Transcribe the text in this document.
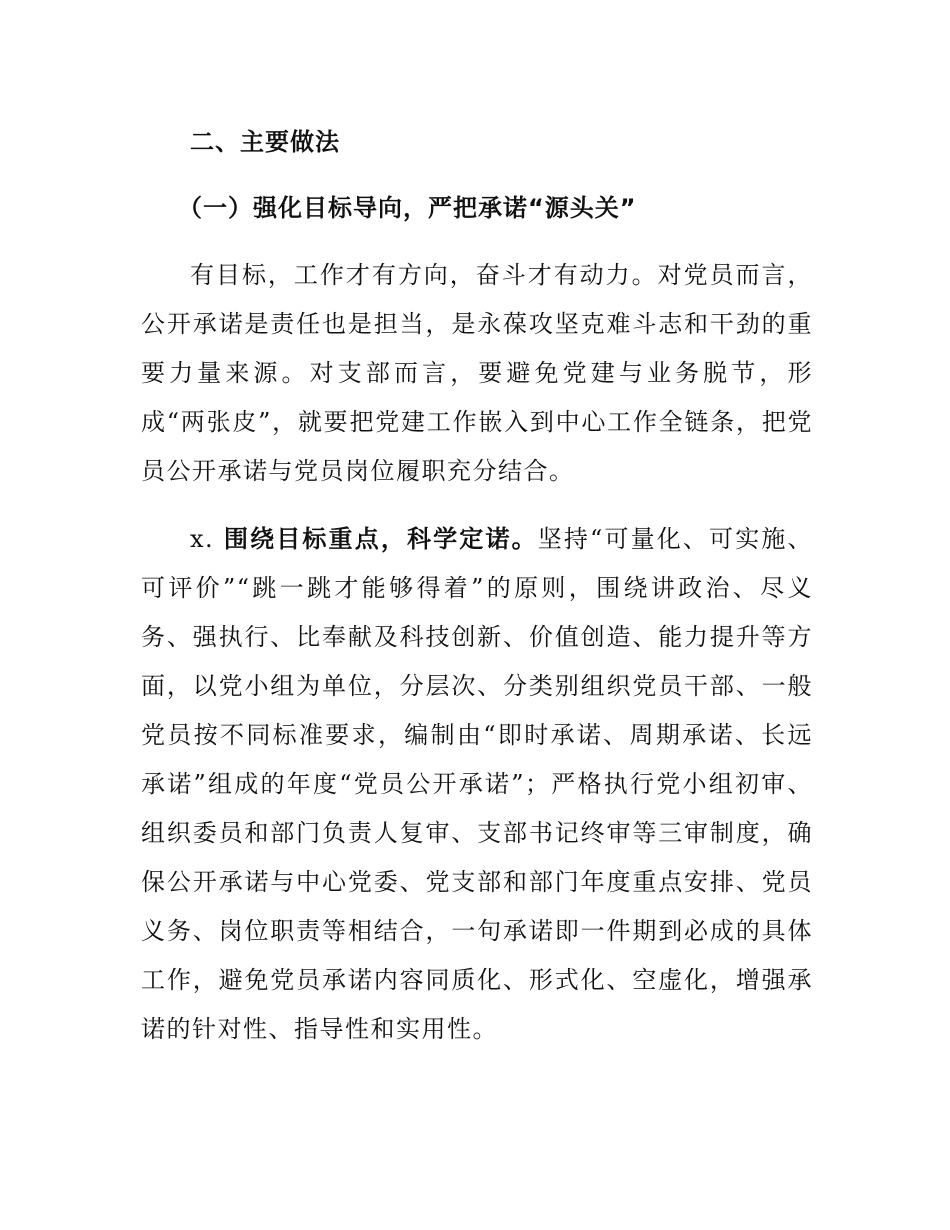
二、主要做法
（一）强化目标导向，严把承诺“源头关”

有目标，工作才有方向，奋斗才有动力。对党员而言，公开承诺是责任也是担当，是永葆攻坚克难斗志和干劲的重要力量来源。对支部而言，要避免党建与业务脱节，形成“两张皮”，就要把党建工作嵌入到中心工作全链条，把党员公开承诺与党员岗位履职充分结合。

x. 围绕目标重点，科学定诺。坚持“可量化、可实施、可评价”“跳一跳才能够得着”的原则，围绕讲政治、尽义务、强执行、比奉献及科技创新、价值创造、能力提升等方面，以党小组为单位，分层次、分类别组织党员干部、一般党员按不同标准要求，编制由“即时承诺、周期承诺、长远承诺”组成的年度“党员公开承诺”；严格执行党小组初审、组织委员和部门负责人复审、支部书记终审等三审制度，确保公开承诺与中心党委、党支部和部门年度重点安排、党员义务、岗位职责等相结合，一句承诺即一件期到必成的具体工作，避免党员承诺内容同质化、形式化、空虚化，增强承诺的针对性、指导性和实用性。
